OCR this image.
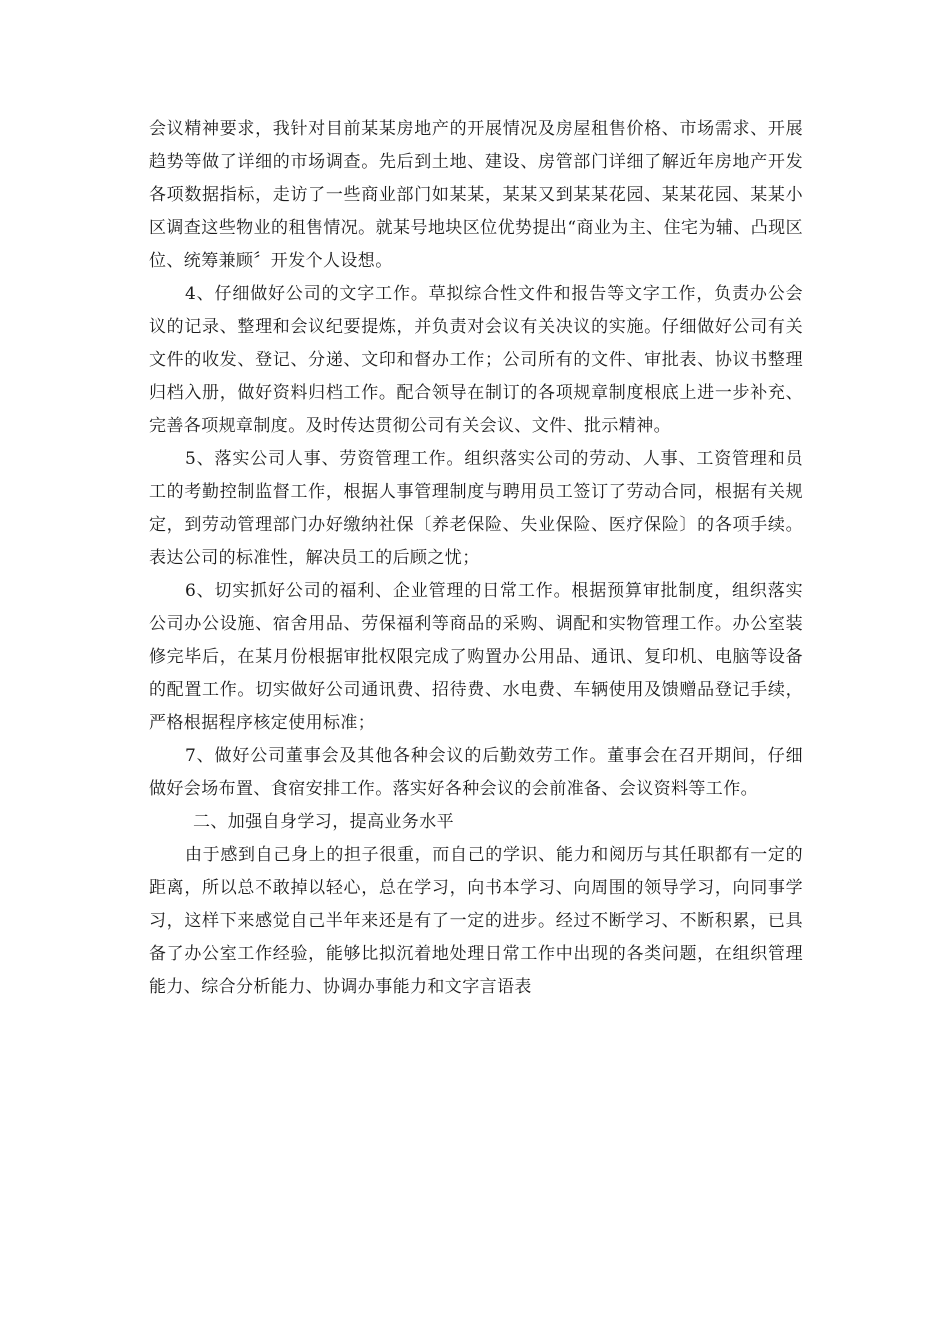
会议精神要求，我针对目前某某房地产的开展情况及房屋租售价格、市场需求、开展趋势等做了详细的市场调查。先后到土地、建设、房管部门详细了解近年房地产开发各项数据指标，走访了一些商业部门如某某，某某又到某某花园、某某花园、某某小区调查这些物业的租售情况。就某号地块区位优势提出“商业为主、住宅为辅、凸现区位、统筹兼顾〞开发个人设想。

4、仔细做好公司的文字工作。草拟综合性文件和报告等文字工作，负责办公会议的记录、整理和会议纪要提炼，并负责对会议有关决议的实施。仔细做好公司有关文件的收发、登记、分递、文印和督办工作；公司所有的文件、审批表、协议书整理归档入册，做好资料归档工作。配合领导在制订的各项规章制度根底上进一步补充、完善各项规章制度。及时传达贯彻公司有关会议、文件、批示精神。

5、落实公司人事、劳资管理工作。组织落实公司的劳动、人事、工资管理和员工的考勤控制监督工作，根据人事管理制度与聘用员工签订了劳动合同，根据有关规定，到劳动管理部门办好缴纳社保〔养老保险、失业保险、医疗保险〕的各项手续。表达公司的标准性，解决员工的后顾之忧；

6、切实抓好公司的福利、企业管理的日常工作。根据预算审批制度，组织落实公司办公设施、宿舍用品、劳保福利等商品的采购、调配和实物管理工作。办公室装修完毕后，在某月份根据审批权限完成了购置办公用品、通讯、复印机、电脑等设备的配置工作。切实做好公司通讯费、招待费、水电费、车辆使用及馈赠品登记手续，严格根据程序核定使用标准；

7、做好公司董事会及其他各种会议的后勤效劳工作。董事会在召开期间，仔细做好会场布置、食宿安排工作。落实好各种会议的会前准备、会议资料等工作。

二、加强自身学习，提高业务水平

由于感到自己身上的担子很重，而自己的学识、能力和阅历与其任职都有一定的距离，所以总不敢掉以轻心，总在学习，向书本学习、向周围的领导学习，向同事学习，这样下来感觉自己半年来还是有了一定的进步。经过不断学习、不断积累，已具备了办公室工作经验，能够比拟沉着地处理日常工作中出现的各类问题，在组织管理能力、综合分析能力、协调办事能力和文字言语表
